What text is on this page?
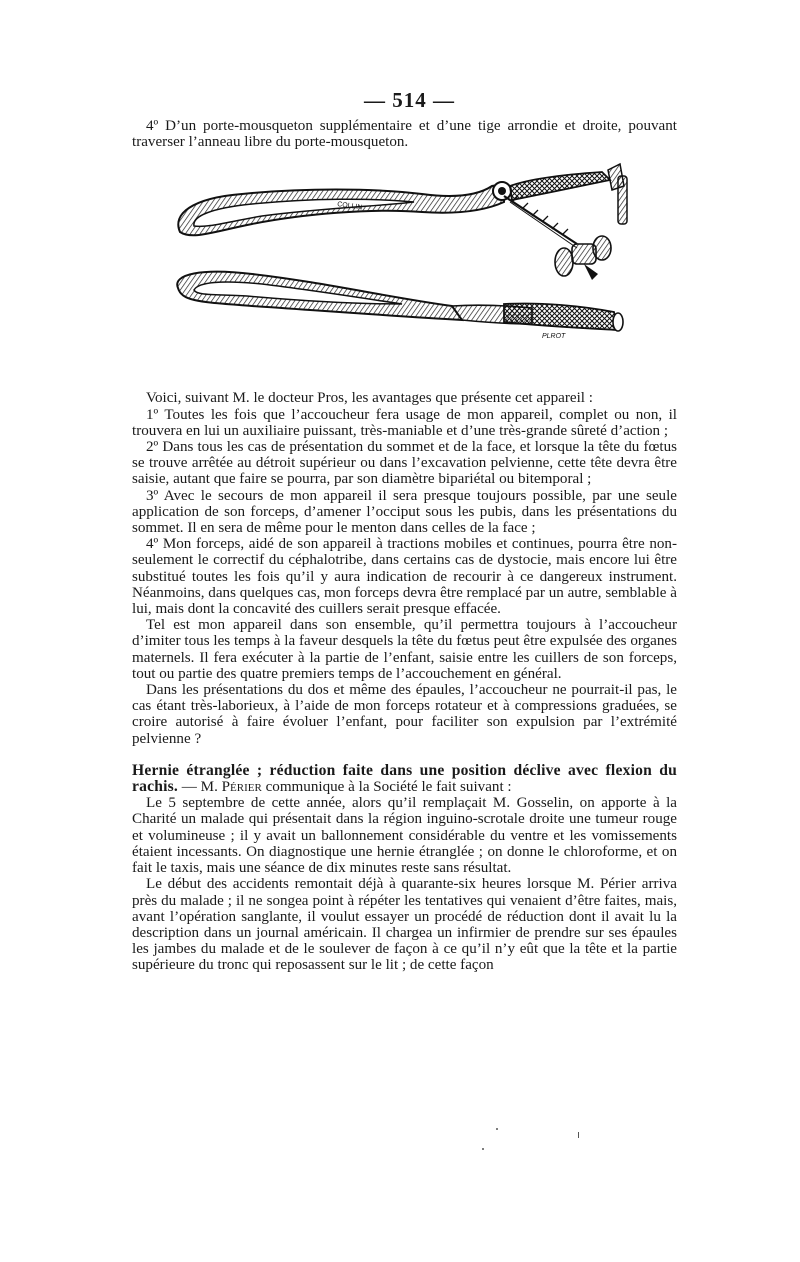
— 514 —

4º D’un porte-mousqueton supplémentaire et d’une tige arrondie et droite, pouvant traverser l’anneau libre du porte-mousqueton.

COLLIN
PLROT

Voici, suivant M. le docteur Pros, les avantages que présente cet appareil :

1º Toutes les fois que l’accoucheur fera usage de mon appareil, complet ou non, il trouvera en lui un auxiliaire puissant, très-maniable et d’une très-grande sûreté d’action ;

2º Dans tous les cas de présentation du sommet et de la face, et lorsque la tête du fœtus se trouve arrêtée au détroit supérieur ou dans l’excavation pelvienne, cette tête devra être saisie, autant que faire se pourra, par son diamètre bipariétal ou bitemporal ;

3º Avec le secours de mon appareil il sera presque toujours possible, par une seule application de son forceps, d’amener l’occiput sous les pubis, dans les présentations du sommet. Il en sera de même pour le menton dans celles de la face ;

4º Mon forceps, aidé de son appareil à tractions mobiles et continues, pourra être non-seulement le correctif du céphalotribe, dans certains cas de dystocie, mais encore lui être substitué toutes les fois qu’il y aura indication de recourir à ce dangereux instrument. Néanmoins, dans quelques cas, mon forceps devra être remplacé par un autre, semblable à lui, mais dont la concavité des cuillers serait presque effacée.

Tel est mon appareil dans son ensemble, qu’il permettra toujours à l’accoucheur d’imiter tous les temps à la faveur desquels la tête du fœtus peut être expulsée des organes maternels. Il fera exécuter à la partie de l’enfant, saisie entre les cuillers de son forceps, tout ou partie des quatre premiers temps de l’accouchement en général.

Dans les présentations du dos et même des épaules, l’accoucheur ne pourrait-il pas, le cas étant très-laborieux, à l’aide de mon forceps rotateur et à compressions graduées, se croire autorisé à faire évoluer l’enfant, pour faciliter son expulsion par l’extrémité pelvienne ?

Hernie étranglée ; réduction faite dans une position déclive avec flexion du rachis. — M. Périer communique à la Société le fait suivant :

Le 5 septembre de cette année, alors qu’il remplaçait M. Gosselin, on apporte à la Charité un malade qui présentait dans la région inguino-scrotale droite une tumeur rouge et volumineuse ; il y avait un ballonnement considérable du ventre et les vomissements étaient incessants. On diagnostique une hernie étranglée ; on donne le chloroforme, et on fait le taxis, mais une séance de dix minutes reste sans résultat.

Le début des accidents remontait déjà à quarante-six heures lorsque M. Périer arriva près du malade ; il ne songea point à répéter les tentatives qui venaient d’être faites, mais, avant l’opération sanglante, il voulut essayer un procédé de réduction dont il avait lu la description dans un journal américain. Il chargea un infirmier de prendre sur ses épaules les jambes du malade et de le soulever de façon à ce qu’il n’y eût que la tête et la partie supérieure du tronc qui reposassent sur le lit ; de cette façon
